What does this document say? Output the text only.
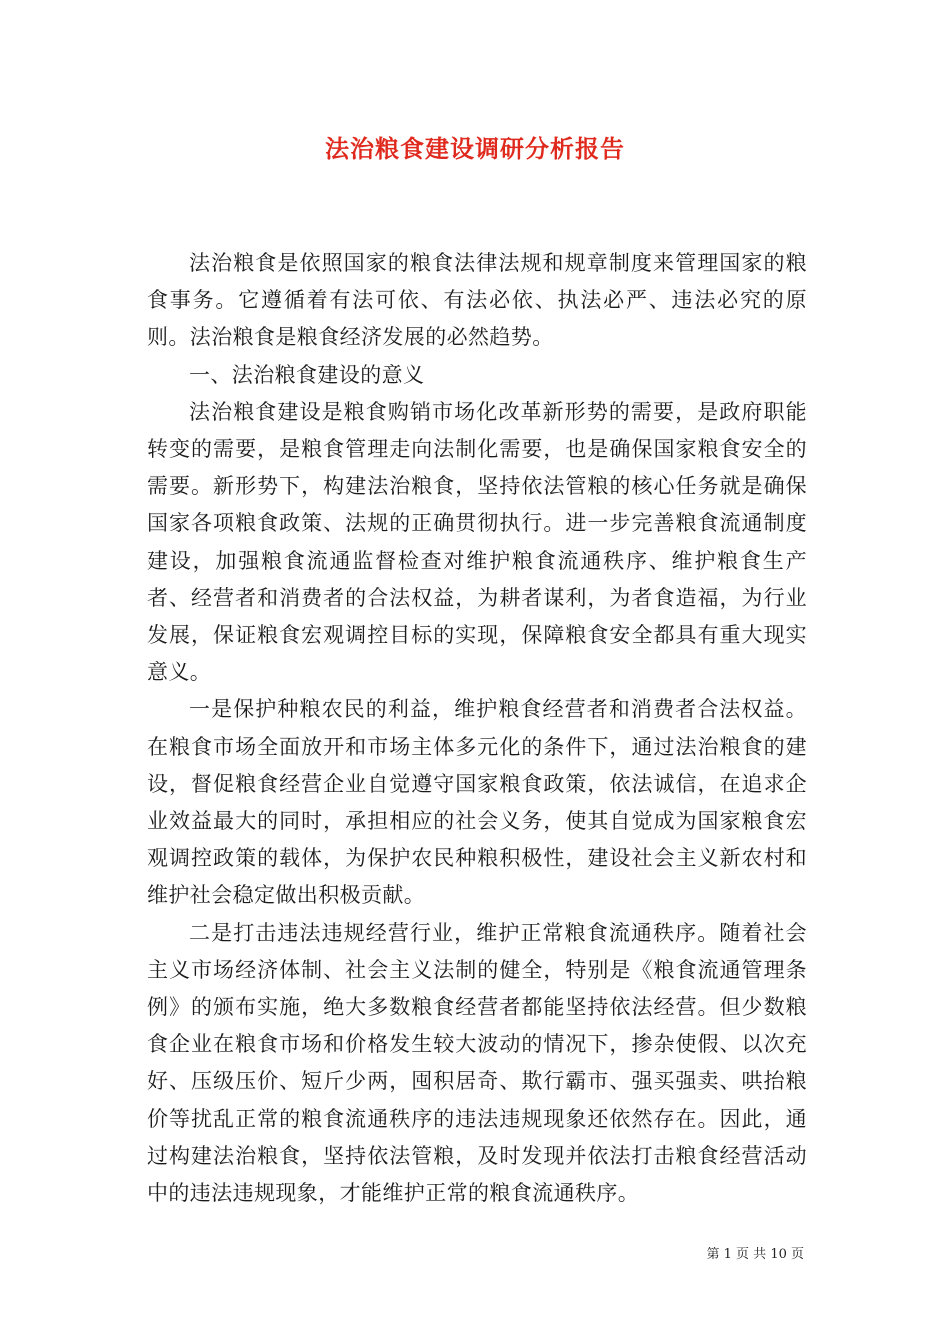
法治粮食建设调研分析报告

法治粮食是依照国家的粮食法律法规和规章制度来管理国家的粮食事务。它遵循着有法可依、有法必依、执法必严、违法必究的原则。法治粮食是粮食经济发展的必然趋势。

一、法治粮食建设的意义

法治粮食建设是粮食购销市场化改革新形势的需要，是政府职能转变的需要，是粮食管理走向法制化需要，也是确保国家粮食安全的需要。新形势下，构建法治粮食，坚持依法管粮的核心任务就是确保国家各项粮食政策、法规的正确贯彻执行。进一步完善粮食流通制度建设，加强粮食流通监督检查对维护粮食流通秩序、维护粮食生产者、经营者和消费者的合法权益，为耕者谋利，为者食造福，为行业发展，保证粮食宏观调控目标的实现，保障粮食安全都具有重大现实意义。

一是保护种粮农民的利益，维护粮食经营者和消费者合法权益。在粮食市场全面放开和市场主体多元化的条件下，通过法治粮食的建设，督促粮食经营企业自觉遵守国家粮食政策，依法诚信，在追求企业效益最大的同时，承担相应的社会义务，使其自觉成为国家粮食宏观调控政策的载体，为保护农民种粮积极性，建设社会主义新农村和维护社会稳定做出积极贡献。

二是打击违法违规经营行业，维护正常粮食流通秩序。随着社会主义市场经济体制、社会主义法制的健全，特别是《粮食流通管理条例》的颁布实施，绝大多数粮食经营者都能坚持依法经营。但少数粮食企业在粮食市场和价格发生较大波动的情况下，掺杂使假、以次充好、压级压价、短斤少两，囤积居奇、欺行霸市、强买强卖、哄抬粮价等扰乱正常的粮食流通秩序的违法违规现象还依然存在。因此，通过构建法治粮食，坚持依法管粮，及时发现并依法打击粮食经营活动中的违法违规现象，才能维护正常的粮食流通秩序。

第 1 页 共 10 页
